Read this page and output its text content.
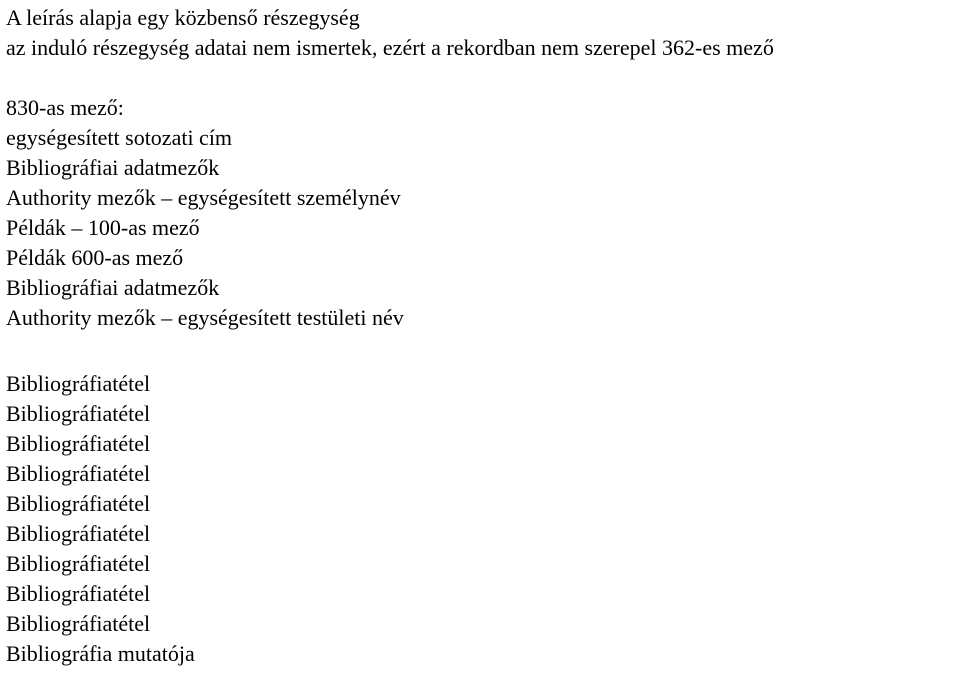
A leírás alapja egy közbenső részegység
az induló részegység adatai nem ismertek, ezért a rekordban nem szerepel 362-es mező
830-as mező:
egységesített sotozati cím
Bibliográfiai adatmezők
Authority mezők – egységesített személynév
Példák – 100-as mező
Példák 600-as mező
Bibliográfiai adatmezők
Authority mezők – egységesített testületi név
Bibliográfiatétel
Bibliográfiatétel
Bibliográfiatétel
Bibliográfiatétel
Bibliográfiatétel
Bibliográfiatétel
Bibliográfiatétel
Bibliográfiatétel
Bibliográfiatétel
Bibliográfia mutatója
